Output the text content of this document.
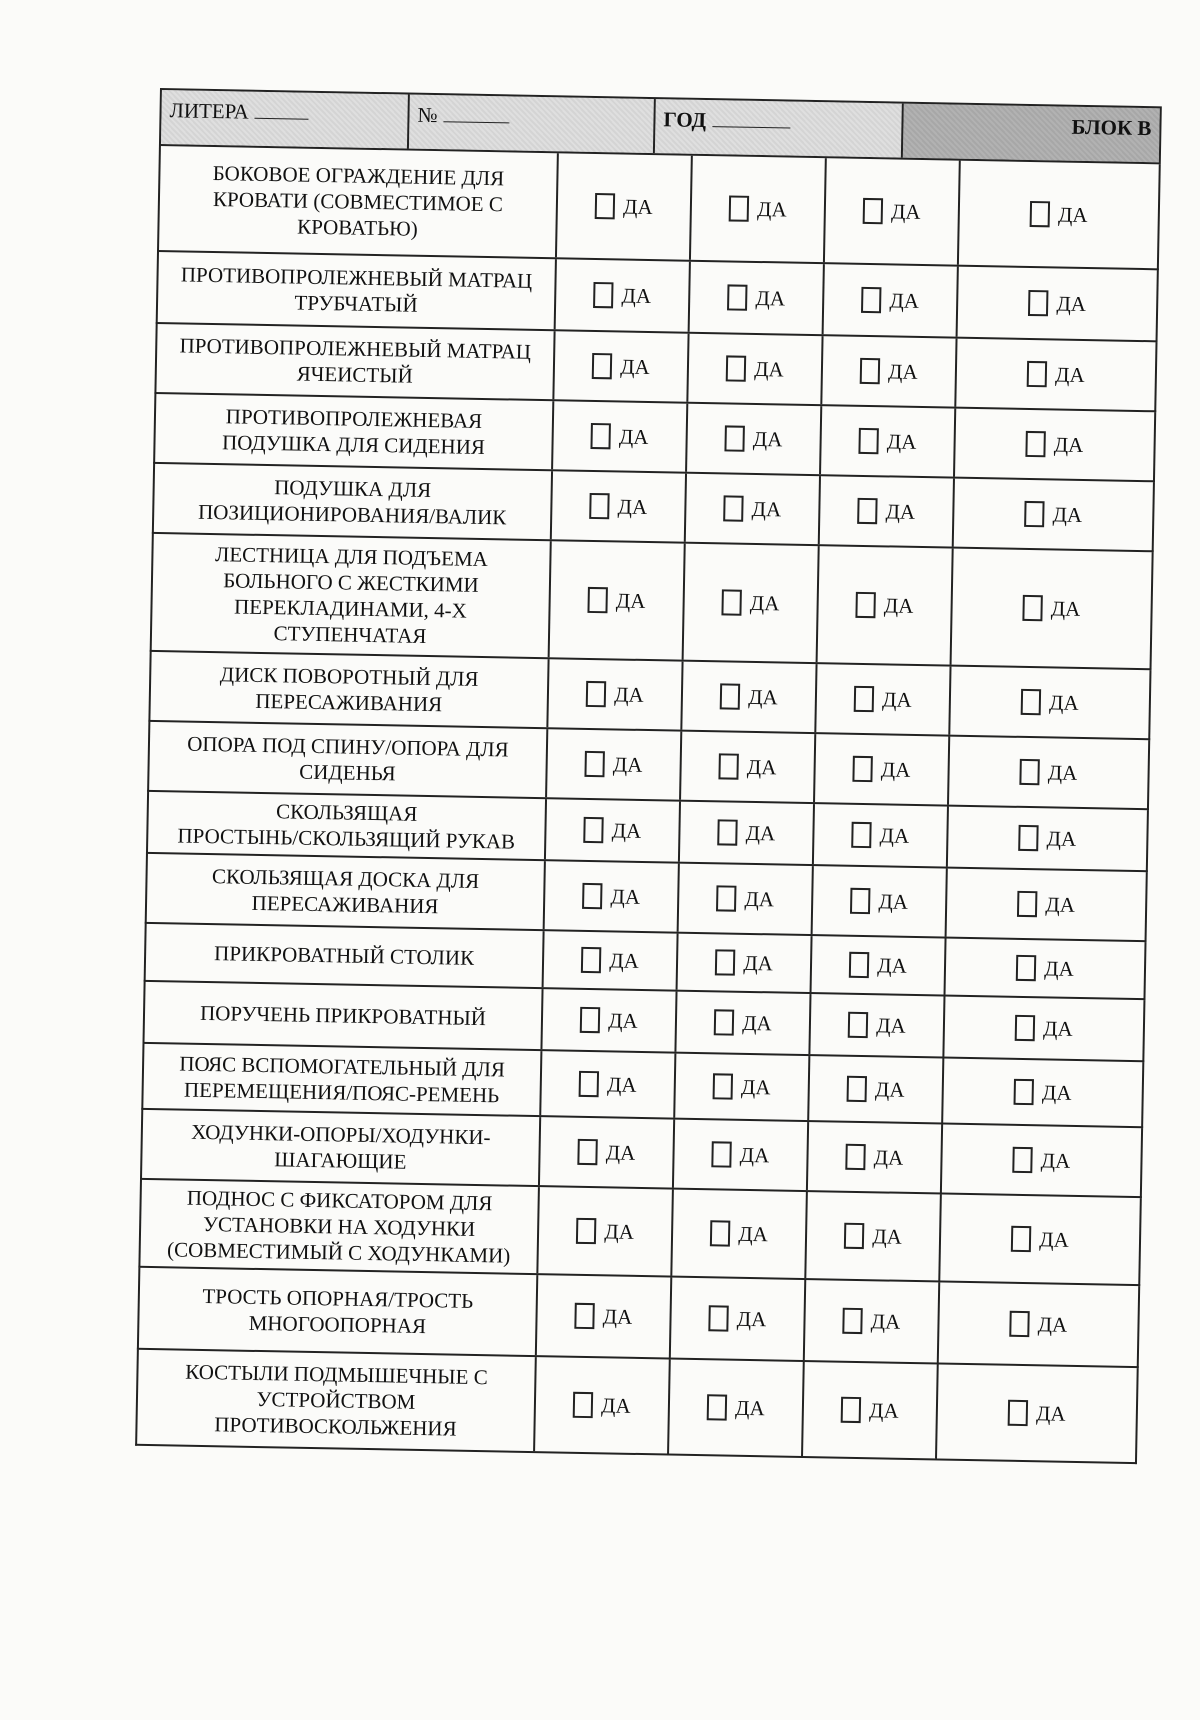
ЛИТЕРА	№	ГОД	БЛОК В
БОКОВОЕ ОГРАЖДЕНИЕ ДЛЯ
КРОВАТИ (СОВМЕСТИМОЕ С
КРОВАТЬЮ)
ДА	ДА	ДА	ДА
ПРОТИВОПРОЛЕЖНЕВЫЙ МАТРАЦ
ТРУБЧАТЫЙ	ДА	ДА	ДА	ДА
ПРОТИВОПРОЛЕЖНЕВЫЙ МАТРАЦ
ЯЧЕИСТЫЙ	ДА	ДА	ДА	ДА
ПРОТИВОПРОЛЕЖНЕВАЯ
ПОДУШКА ДЛЯ СИДЕНИЯ	ДА	ДА	ДА	ДА
ПОДУШКА ДЛЯ
ПОЗИЦИОНИРОВАНИЯ/ВАЛИК	ДА	ДА	ДА	ДА
ЛЕСТНИЦА ДЛЯ ПОДЪЕМА
БОЛЬНОГО С ЖЕСТКИМИ
ПЕРЕКЛАДИНАМИ, 4-Х
СТУПЕНЧАТАЯ
ДА	ДА	ДА	ДА
ДИСК ПОВОРОТНЫЙ ДЛЯ
ПЕРЕСАЖИВАНИЯ	ДА	ДА	ДА	ДА
ОПОРА ПОД СПИНУ/ОПОРА ДЛЯ
СИДЕНЬЯ	ДА	ДА	ДА	ДА
СКОЛЬЗЯЩАЯ
ПРОСТЫНЬ/СКОЛЬЗЯЩИЙ РУКАВ	ДА	ДА	ДА	ДА
СКОЛЬЗЯЩАЯ ДОСКА ДЛЯ
ПЕРЕСАЖИВАНИЯ	ДА	ДА	ДА	ДА
ПРИКРОВАТНЫЙ СТОЛИК	ДА	ДА	ДА	ДА
ПОРУЧЕНЬ ПРИКРОВАТНЫЙ	ДА	ДА	ДА	ДА
ПОЯС ВСПОМОГАТЕЛЬНЫЙ ДЛЯ
ПЕРЕМЕЩЕНИЯ/ПОЯС-РЕМЕНЬ	ДА	ДА	ДА	ДА
ХОДУНКИ-ОПОРЫ/ХОДУНКИ-
ШАГАЮЩИЕ	ДА	ДА	ДА	ДА
ПОДНОС С ФИКСАТОРОМ ДЛЯ
УСТАНОВКИ НА ХОДУНКИ
(СОВМЕСТИМЫЙ С ХОДУНКАМИ)
ДА	ДА	ДА	ДА
ТРОСТЬ ОПОРНАЯ/ТРОСТЬ
МНОГООПОРНАЯ	ДА	ДА	ДА	ДА
КОСТЫЛИ ПОДМЫШЕЧНЫЕ С
УСТРОЙСТВОМ
ПРОТИВОСКОЛЬЖЕНИЯ
ДА	ДА	ДА	ДА
